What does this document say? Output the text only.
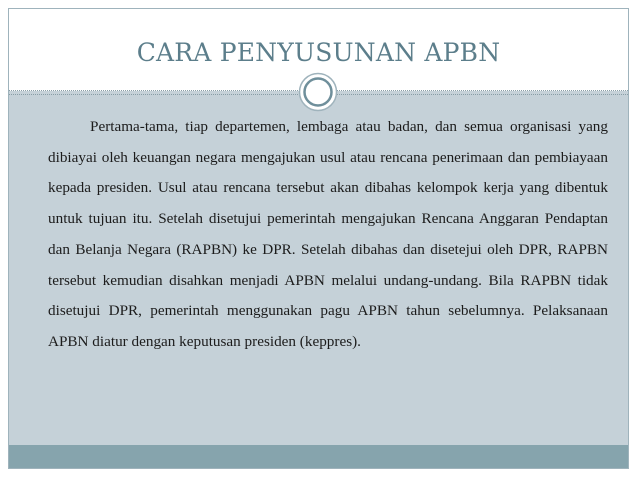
CARA PENYUSUNAN APBN

Pertama-tama, tiap departemen, lembaga atau badan, dan semua organisasi yang dibiayai oleh keuangan negara mengajukan usul atau rencana penerimaan dan pembiayaan kepada presiden. Usul atau rencana tersebut akan dibahas kelompok kerja yang dibentuk untuk tujuan itu. Setelah disetujui pemerintah mengajukan Rencana Anggaran Pendaptan dan Belanja Negara (RAPBN) ke DPR. Setelah dibahas dan disetejui oleh DPR, RAPBN tersebut kemudian disahkan menjadi APBN melalui undang-undang. Bila RAPBN tidak disetujui DPR, pemerintah menggunakan pagu APBN tahun sebelumnya. Pelaksanaan APBN diatur dengan keputusan presiden (keppres).
